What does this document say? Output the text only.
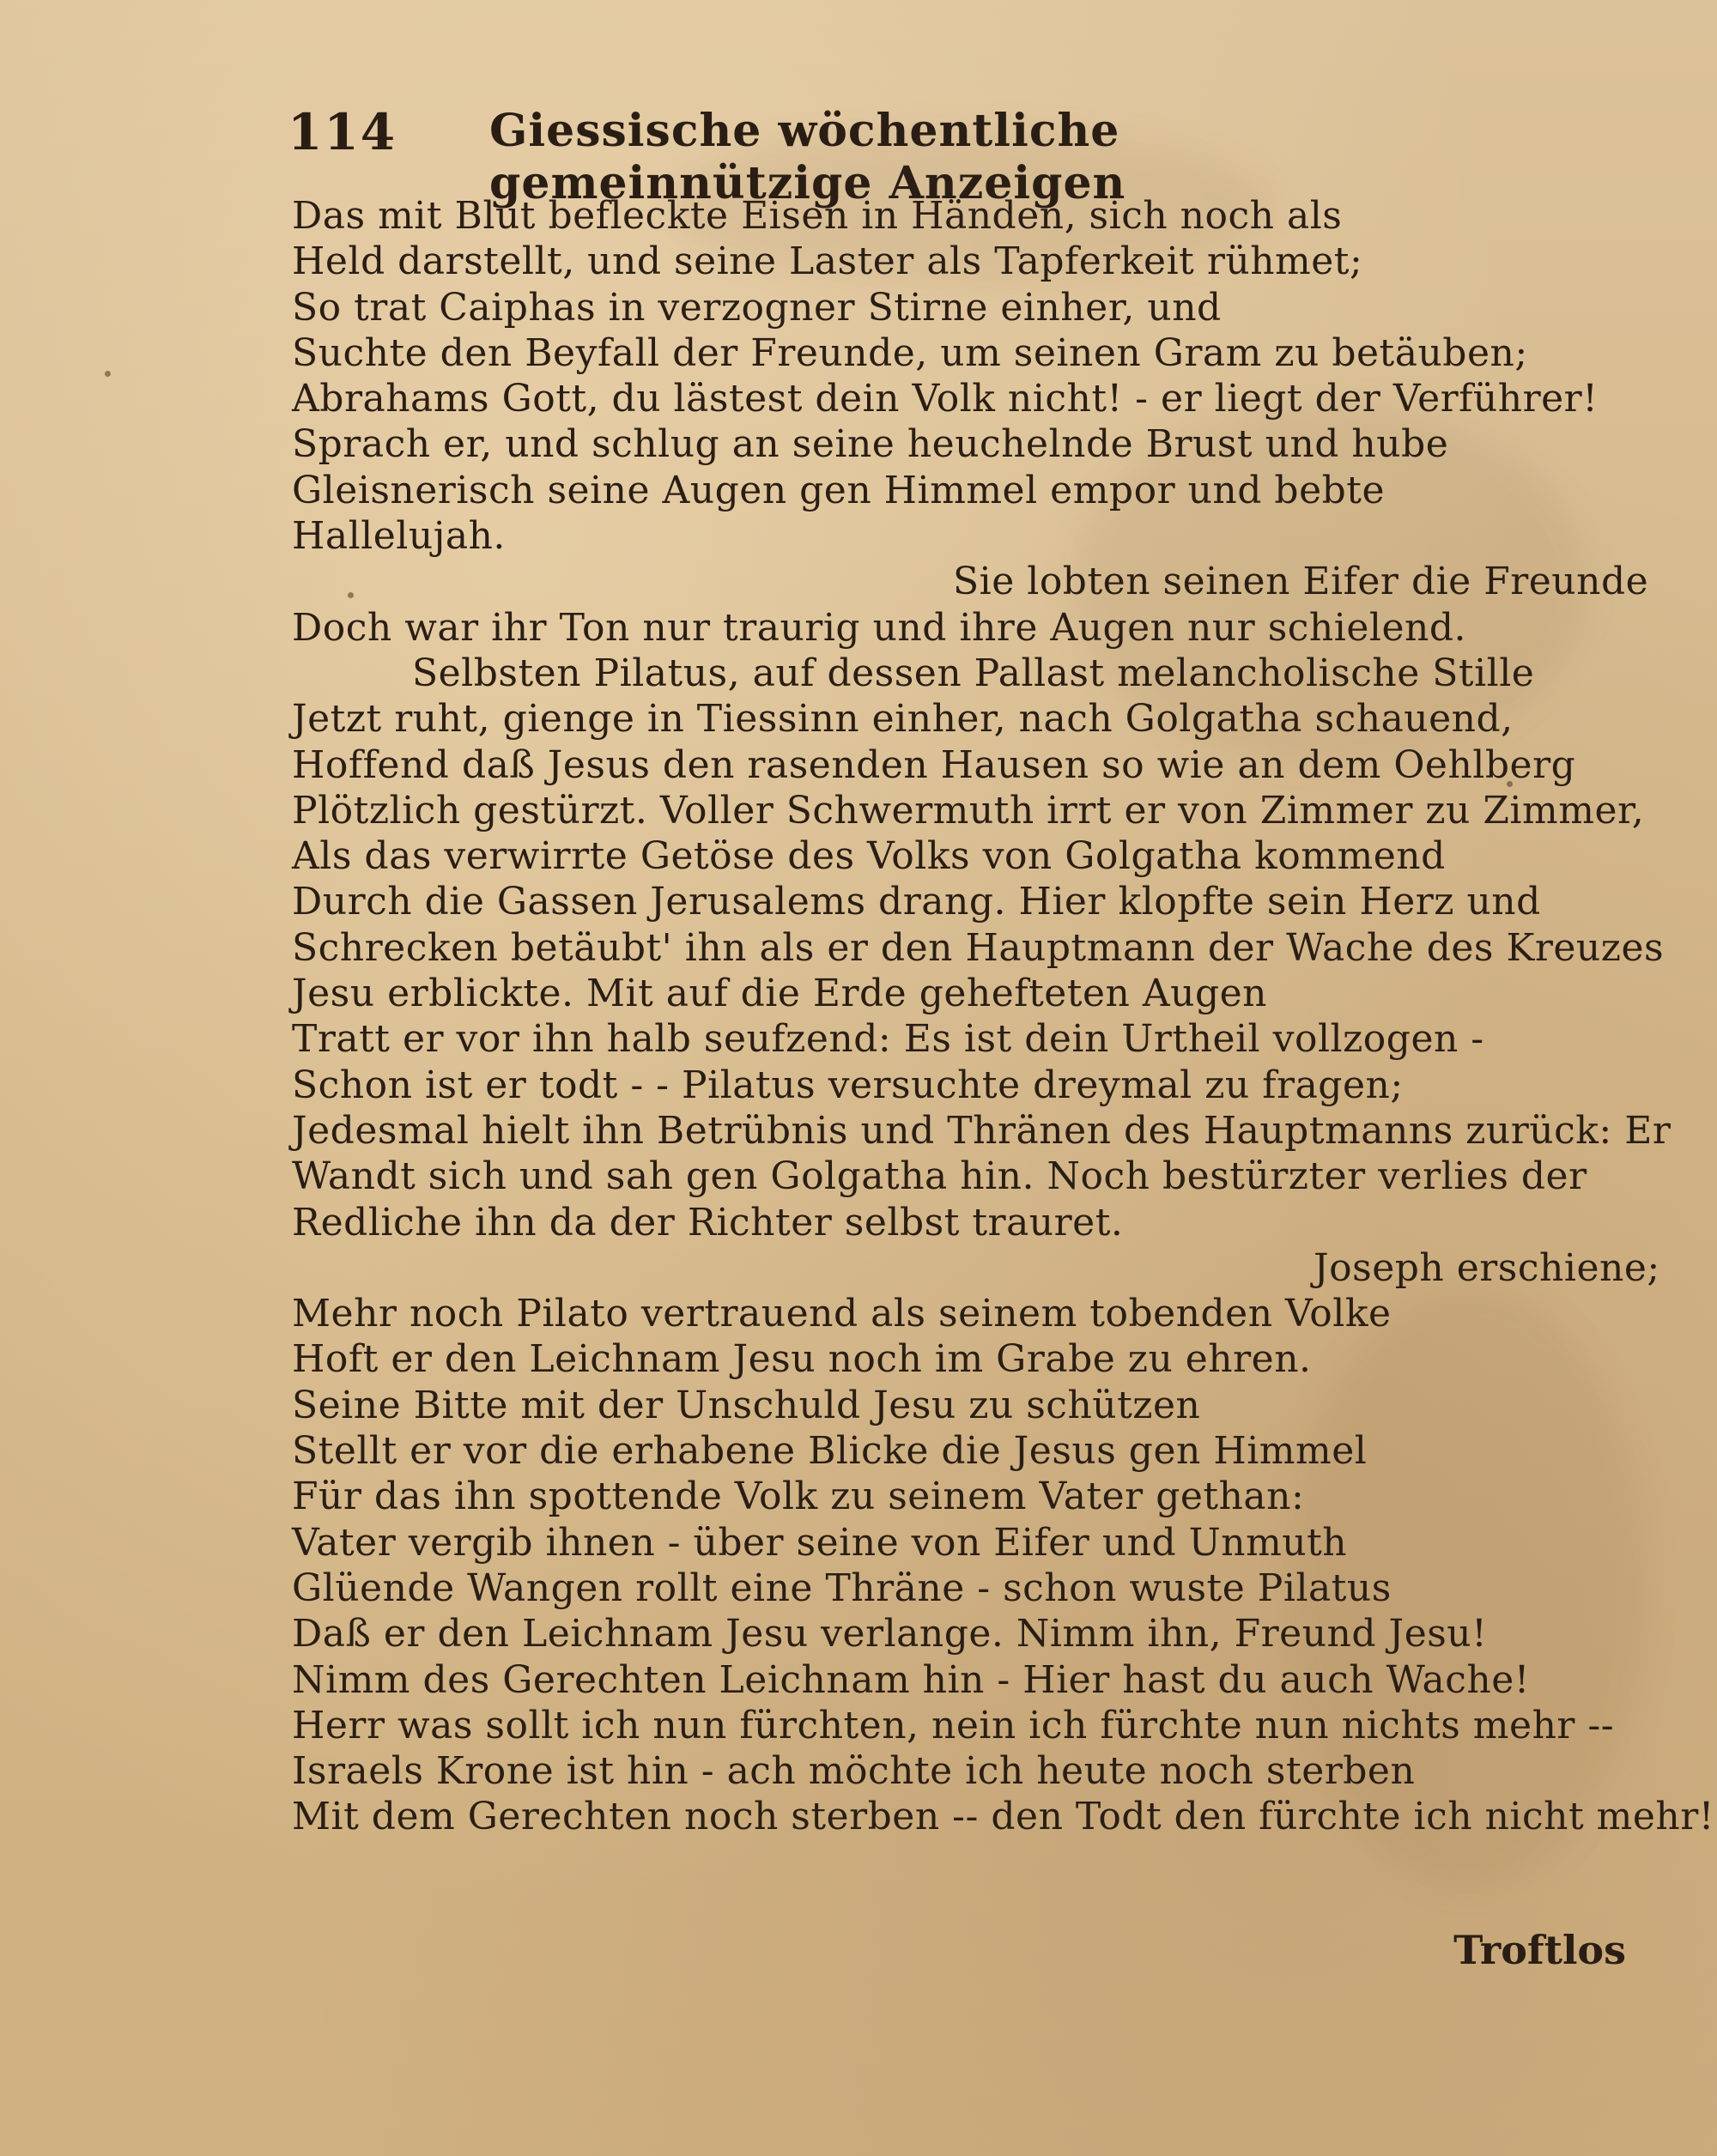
114 Giessische wöchentliche gemeinnützige Anzeigen
Das mit Blut befleckte Eisen in Händen, sich noch als
Held darstellt, und seine Laster als Tapferkeit rühmet;
So trat Caiphas in verzogner Stirne einher, und
Suchte den Beyfall der Freunde, um seinen Gram zu betäuben;
Abrahams Gott, du lästest dein Volk nicht! - er liegt der Verführer!
Sprach er, und schlug an seine heuchelnde Brust und hube
Gleisnerisch seine Augen gen Himmel empor und bebte
Hallelujah.
Sie lobten seinen Eifer die Freunde
Doch war ihr Ton nur traurig und ihre Augen nur schielend.
Selbsten Pilatus, auf dessen Pallast melancholische Stille
Jetzt ruht, gienge in Tiessinn einher, nach Golgatha schauend,
Hoffend daß Jesus den rasenden Hausen so wie an dem Oehlberg
Plötzlich gestürzt. Voller Schwermuth irrt er von Zimmer zu Zimmer,
Als das verwirrte Getöse des Volks von Golgatha kommend
Durch die Gassen Jerusalems drang. Hier klopfte sein Herz und
Schrecken betäubt' ihn als er den Hauptmann der Wache des Kreuzes
Jesu erblickte. Mit auf die Erde gehefteten Augen
Tratt er vor ihn halb seufzend: Es ist dein Urtheil vollzogen -
Schon ist er todt - - Pilatus versuchte dreymal zu fragen;
Jedesmal hielt ihn Betrübnis und Thränen des Hauptmanns zurück: Er
Wandt sich und sah gen Golgatha hin. Noch bestürzter verlies der
Redliche ihn da der Richter selbst trauret.
Joseph erschiene;
Mehr noch Pilato vertrauend als seinem tobenden Volke
Hoft er den Leichnam Jesu noch im Grabe zu ehren.
Seine Bitte mit der Unschuld Jesu zu schützen
Stellt er vor die erhabene Blicke die Jesus gen Himmel
Für das ihn spottende Volk zu seinem Vater gethan:
Vater vergib ihnen - über seine von Eifer und Unmuth
Glüende Wangen rollt eine Thräne - schon wuste Pilatus
Daß er den Leichnam Jesu verlange. Nimm ihn, Freund Jesu!
Nimm des Gerechten Leichnam hin - Hier hast du auch Wache!
Herr was sollt ich nun fürchten, nein ich fürchte nun nichts mehr --
Israels Krone ist hin - ach möchte ich heute noch sterben
Mit dem Gerechten noch sterben -- den Todt den fürchte ich nicht mehr!
Troftlos
